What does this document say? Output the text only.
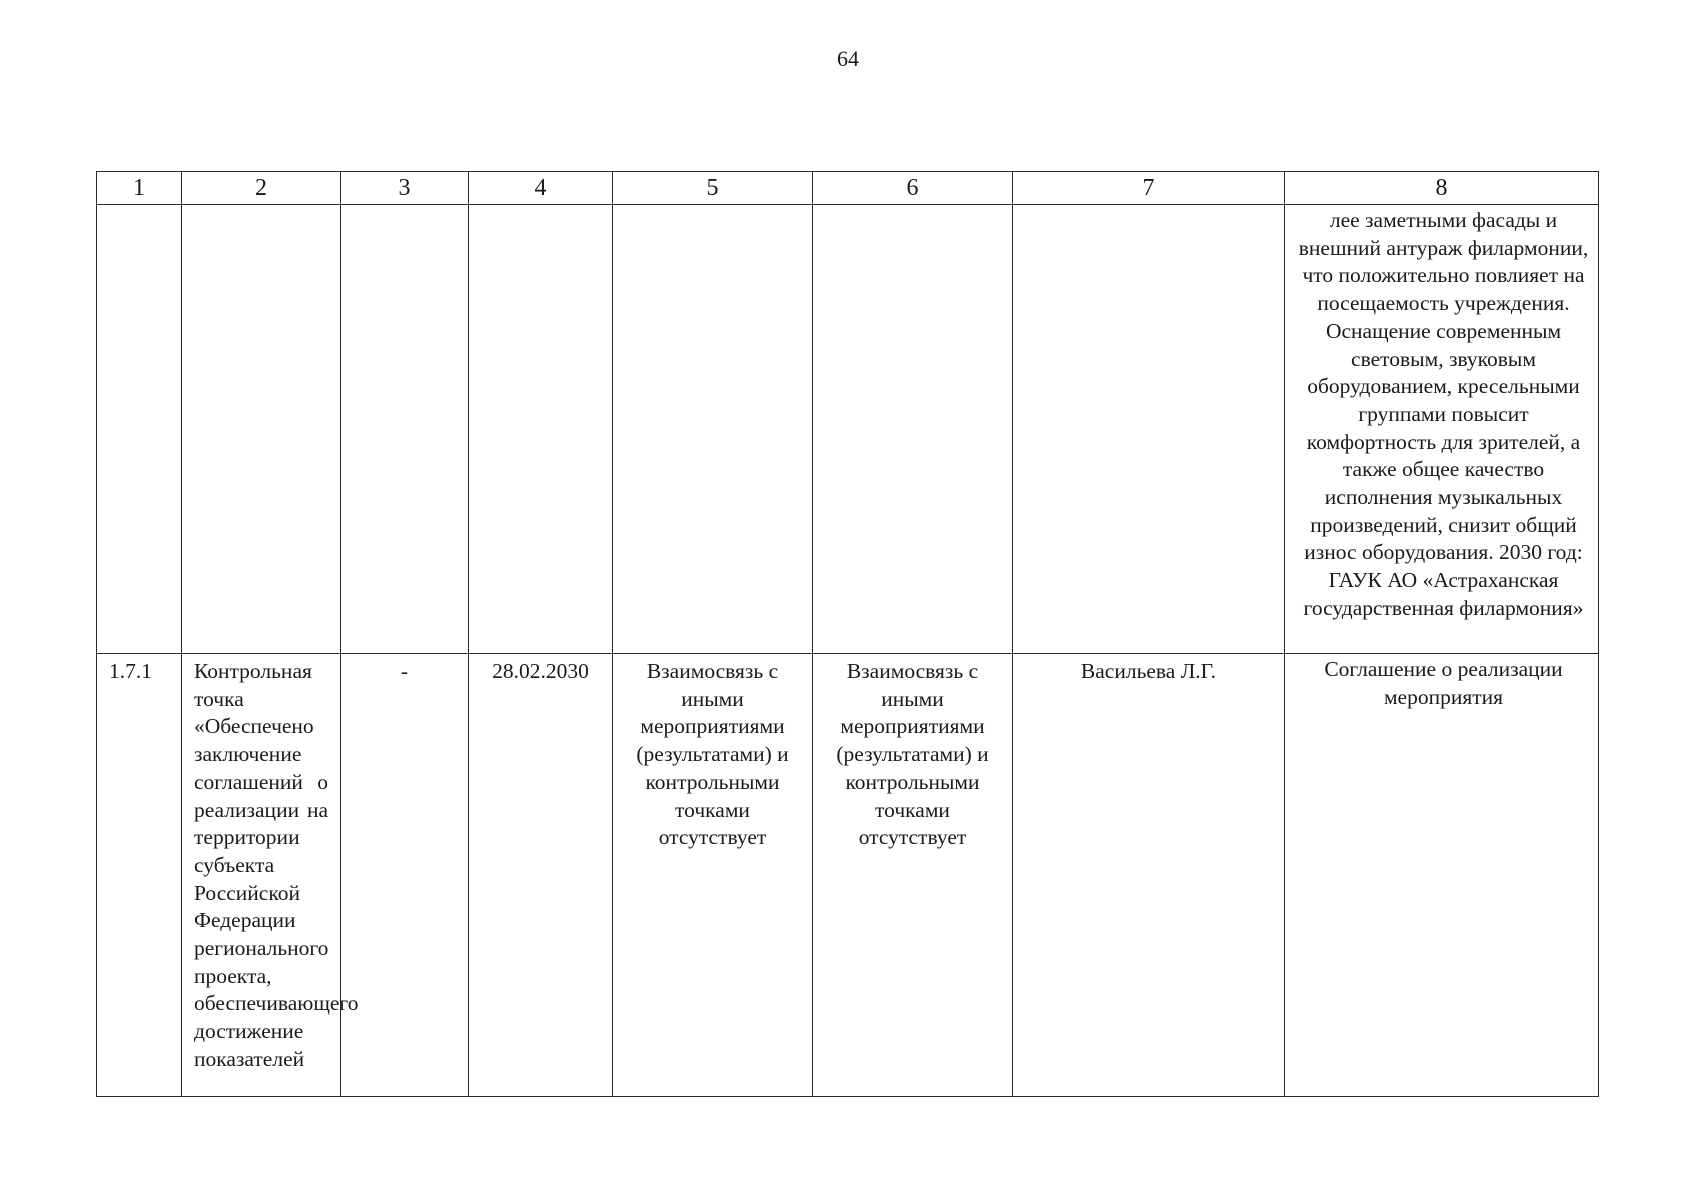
64
1	2	3	4	5	6	7	8

							лее заметными фасады и внешний антураж филармонии, что положительно повлияет на посещаемость учреждения. Оснащение современным световым, звуковым оборудованием, кресельными группами повысит комфортность для зрителей, а также общее качество исполнения музыкальных произведений, снизит общий износ оборудования. 2030 год: ГАУК АО «Астраханская государственная филармония»

1.7.1	Контрольная точка «Обеспечено заключение соглашений о реализации на территории субъекта Российской Федерации регионального проекта, обеспечивающего достижение показателей	-	28.02.2030	Взаимосвязь с иными мероприятиями (результатами) и контрольными точками отсутствует	Взаимосвязь с иными мероприятиями (результатами) и контрольными точками отсутствует	Васильева Л.Г.	Соглашение о реализации мероприятия
